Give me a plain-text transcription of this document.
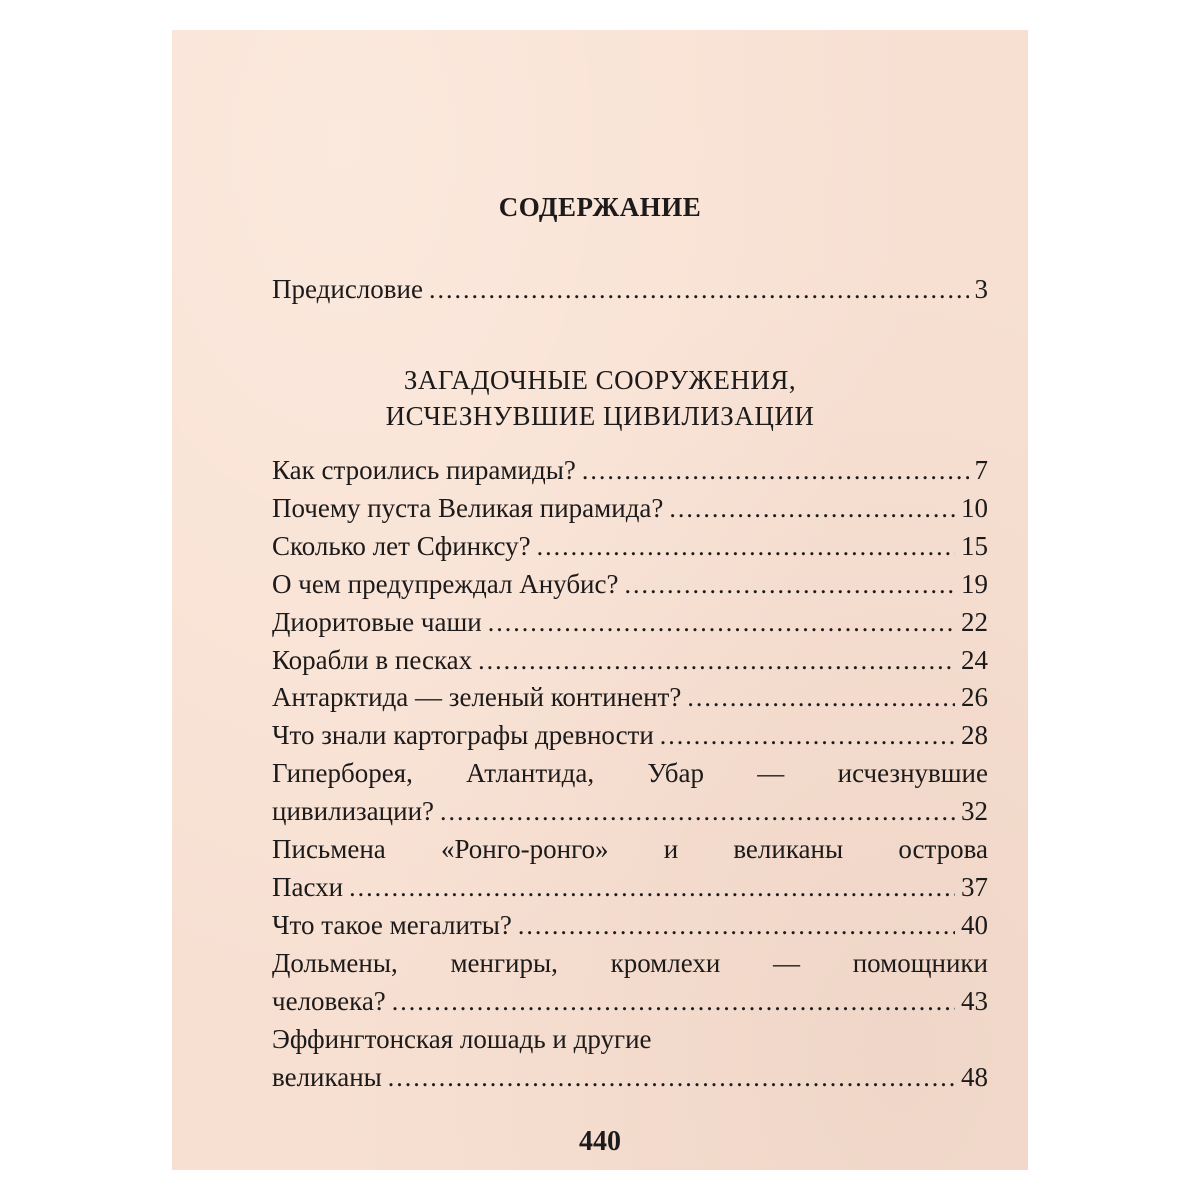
СОДЕРЖАНИЕ
Предисловие .....	3
ЗАГАДОЧНЫЕ СООРУЖЕНИЯ,
ИСЧЕЗНУВШИЕ ЦИВИЛИЗАЦИИ
Как строились пирамиды? .....	7
Почему пуста Великая пирамида? .....	10
Сколько лет Сфинксу? .....	15
О чем предупреждал Анубис? .....	19
Диоритовые чаши .....	22
Корабли в песках .....	24
Антарктида — зеленый континент? .....	26
Что знали картографы древности .....	28
Гиперборея, Атлантида, Убар — исчезнувшие
цивилизации? .....	32
Письмена «Ронго-ронго» и великаны острова
Пасхи .....	37
Что такое мегалиты? .....	40
Дольмены, менгиры, кромлехи — помощники
человека? .....	43
Эффингтонская лошадь и другие
великаны .....	48
440
